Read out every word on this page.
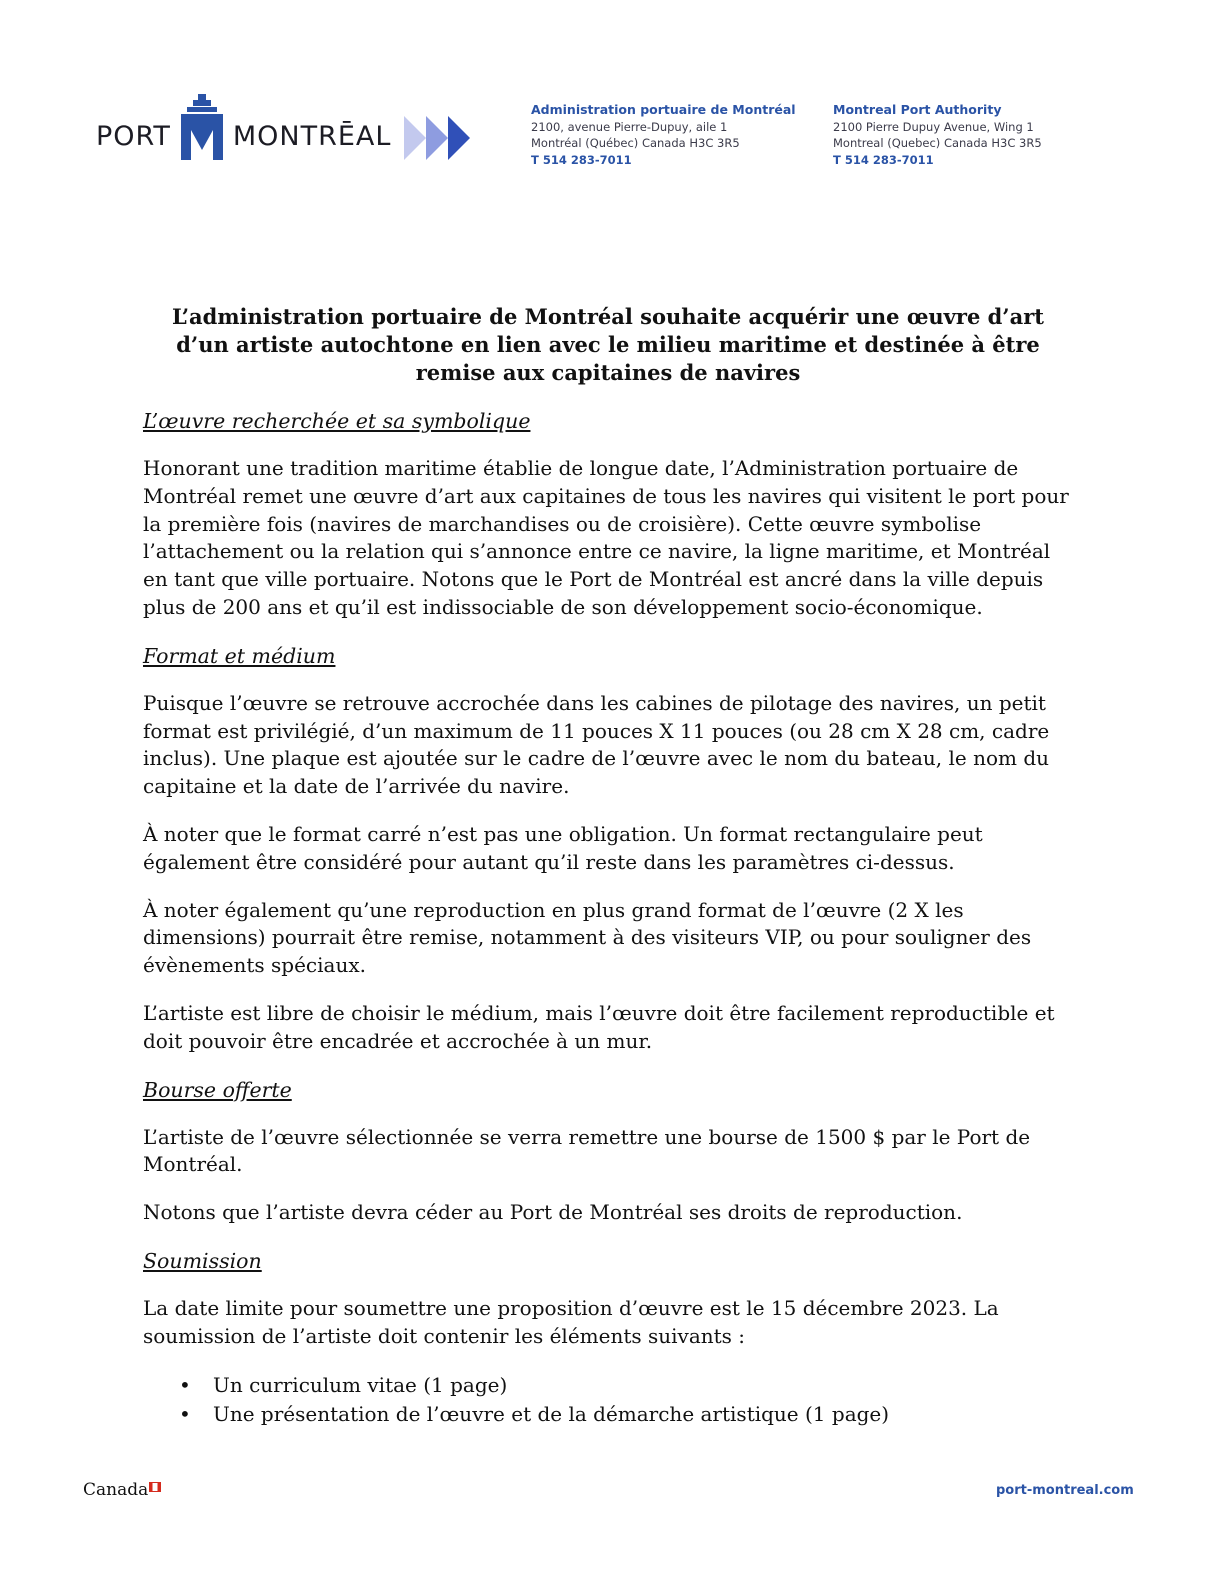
PORT MONTRĒAL
Administration portuaire de Montréal
2100, avenue Pierre-Dupuy, aile 1
Montréal (Québec) Canada H3C 3R5
T 514 283-7011
Montreal Port Authority
2100 Pierre Dupuy Avenue, Wing 1
Montreal (Quebec) Canada H3C 3R5
T 514 283-7011
L’administration portuaire de Montréal souhaite acquérir une œuvre d’art d’un artiste autochtone en lien avec le milieu maritime et destinée à être remise aux capitaines de navires
L’œuvre recherchée et sa symbolique

Honorant une tradition maritime établie de longue date, l’Administration portuaire de Montréal remet une œuvre d’art aux capitaines de tous les navires qui visitent le port pour la première fois (navires de marchandises ou de croisière). Cette œuvre symbolise l’attachement ou la relation qui s’annonce entre ce navire, la ligne maritime, et Montréal en tant que ville portuaire. Notons que le Port de Montréal est ancré dans la ville depuis plus de 200 ans et qu’il est indissociable de son développement socio-économique.

Format et médium

Puisque l’œuvre se retrouve accrochée dans les cabines de pilotage des navires, un petit format est privilégié, d’un maximum de 11 pouces X 11 pouces (ou 28 cm X 28 cm, cadre inclus). Une plaque est ajoutée sur le cadre de l’œuvre avec le nom du bateau, le nom du capitaine et la date de l’arrivée du navire.

À noter que le format carré n’est pas une obligation. Un format rectangulaire peut également être considéré pour autant qu’il reste dans les paramètres ci-dessus.

À noter également qu’une reproduction en plus grand format de l’œuvre (2 X les dimensions) pourrait être remise, notamment à des visiteurs VIP, ou pour souligner des évènements spéciaux.

L’artiste est libre de choisir le médium, mais l’œuvre doit être facilement reproductible et doit pouvoir être encadrée et accrochée à un mur.

Bourse offerte

L’artiste de l’œuvre sélectionnée se verra remettre une bourse de 1500 $ par le Port de Montréal.

Notons que l’artiste devra céder au Port de Montréal ses droits de reproduction.

Soumission

La date limite pour soumettre une proposition d’œuvre est le 15 décembre 2023. La soumission de l’artiste doit contenir les éléments suivants :

• Un curriculum vitae (1 page)
• Une présentation de l’œuvre et de la démarche artistique (1 page)
Canada	port-montreal.com
